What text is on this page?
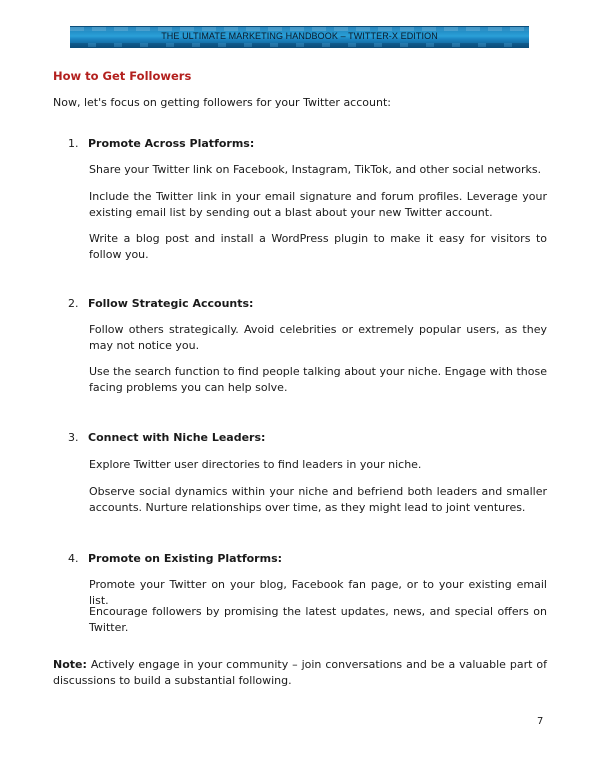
THE ULTIMATE MARKETING HANDBOOK – TWITTER-X EDITION
How to Get Followers

Now, let's focus on getting followers for your Twitter account:

1. Promote Across Platforms:

Share your Twitter link on Facebook, Instagram, TikTok, and other social networks.

Include the Twitter link in your email signature and forum profiles. Leverage your existing email list by sending out a blast about your new Twitter account.

Write a blog post and install a WordPress plugin to make it easy for visitors to follow you.

2. Follow Strategic Accounts:

Follow others strategically. Avoid celebrities or extremely popular users, as they may not notice you.

Use the search function to find people talking about your niche. Engage with those facing problems you can help solve.

3. Connect with Niche Leaders:

Explore Twitter user directories to find leaders in your niche.

Observe social dynamics within your niche and befriend both leaders and smaller accounts. Nurture relationships over time, as they might lead to joint ventures.

4. Promote on Existing Platforms:

Promote your Twitter on your blog, Facebook fan page, or to your existing email list.

Encourage followers by promising the latest updates, news, and special offers on Twitter.

Note: Actively engage in your community – join conversations and be a valuable part of discussions to build a substantial following.

7
